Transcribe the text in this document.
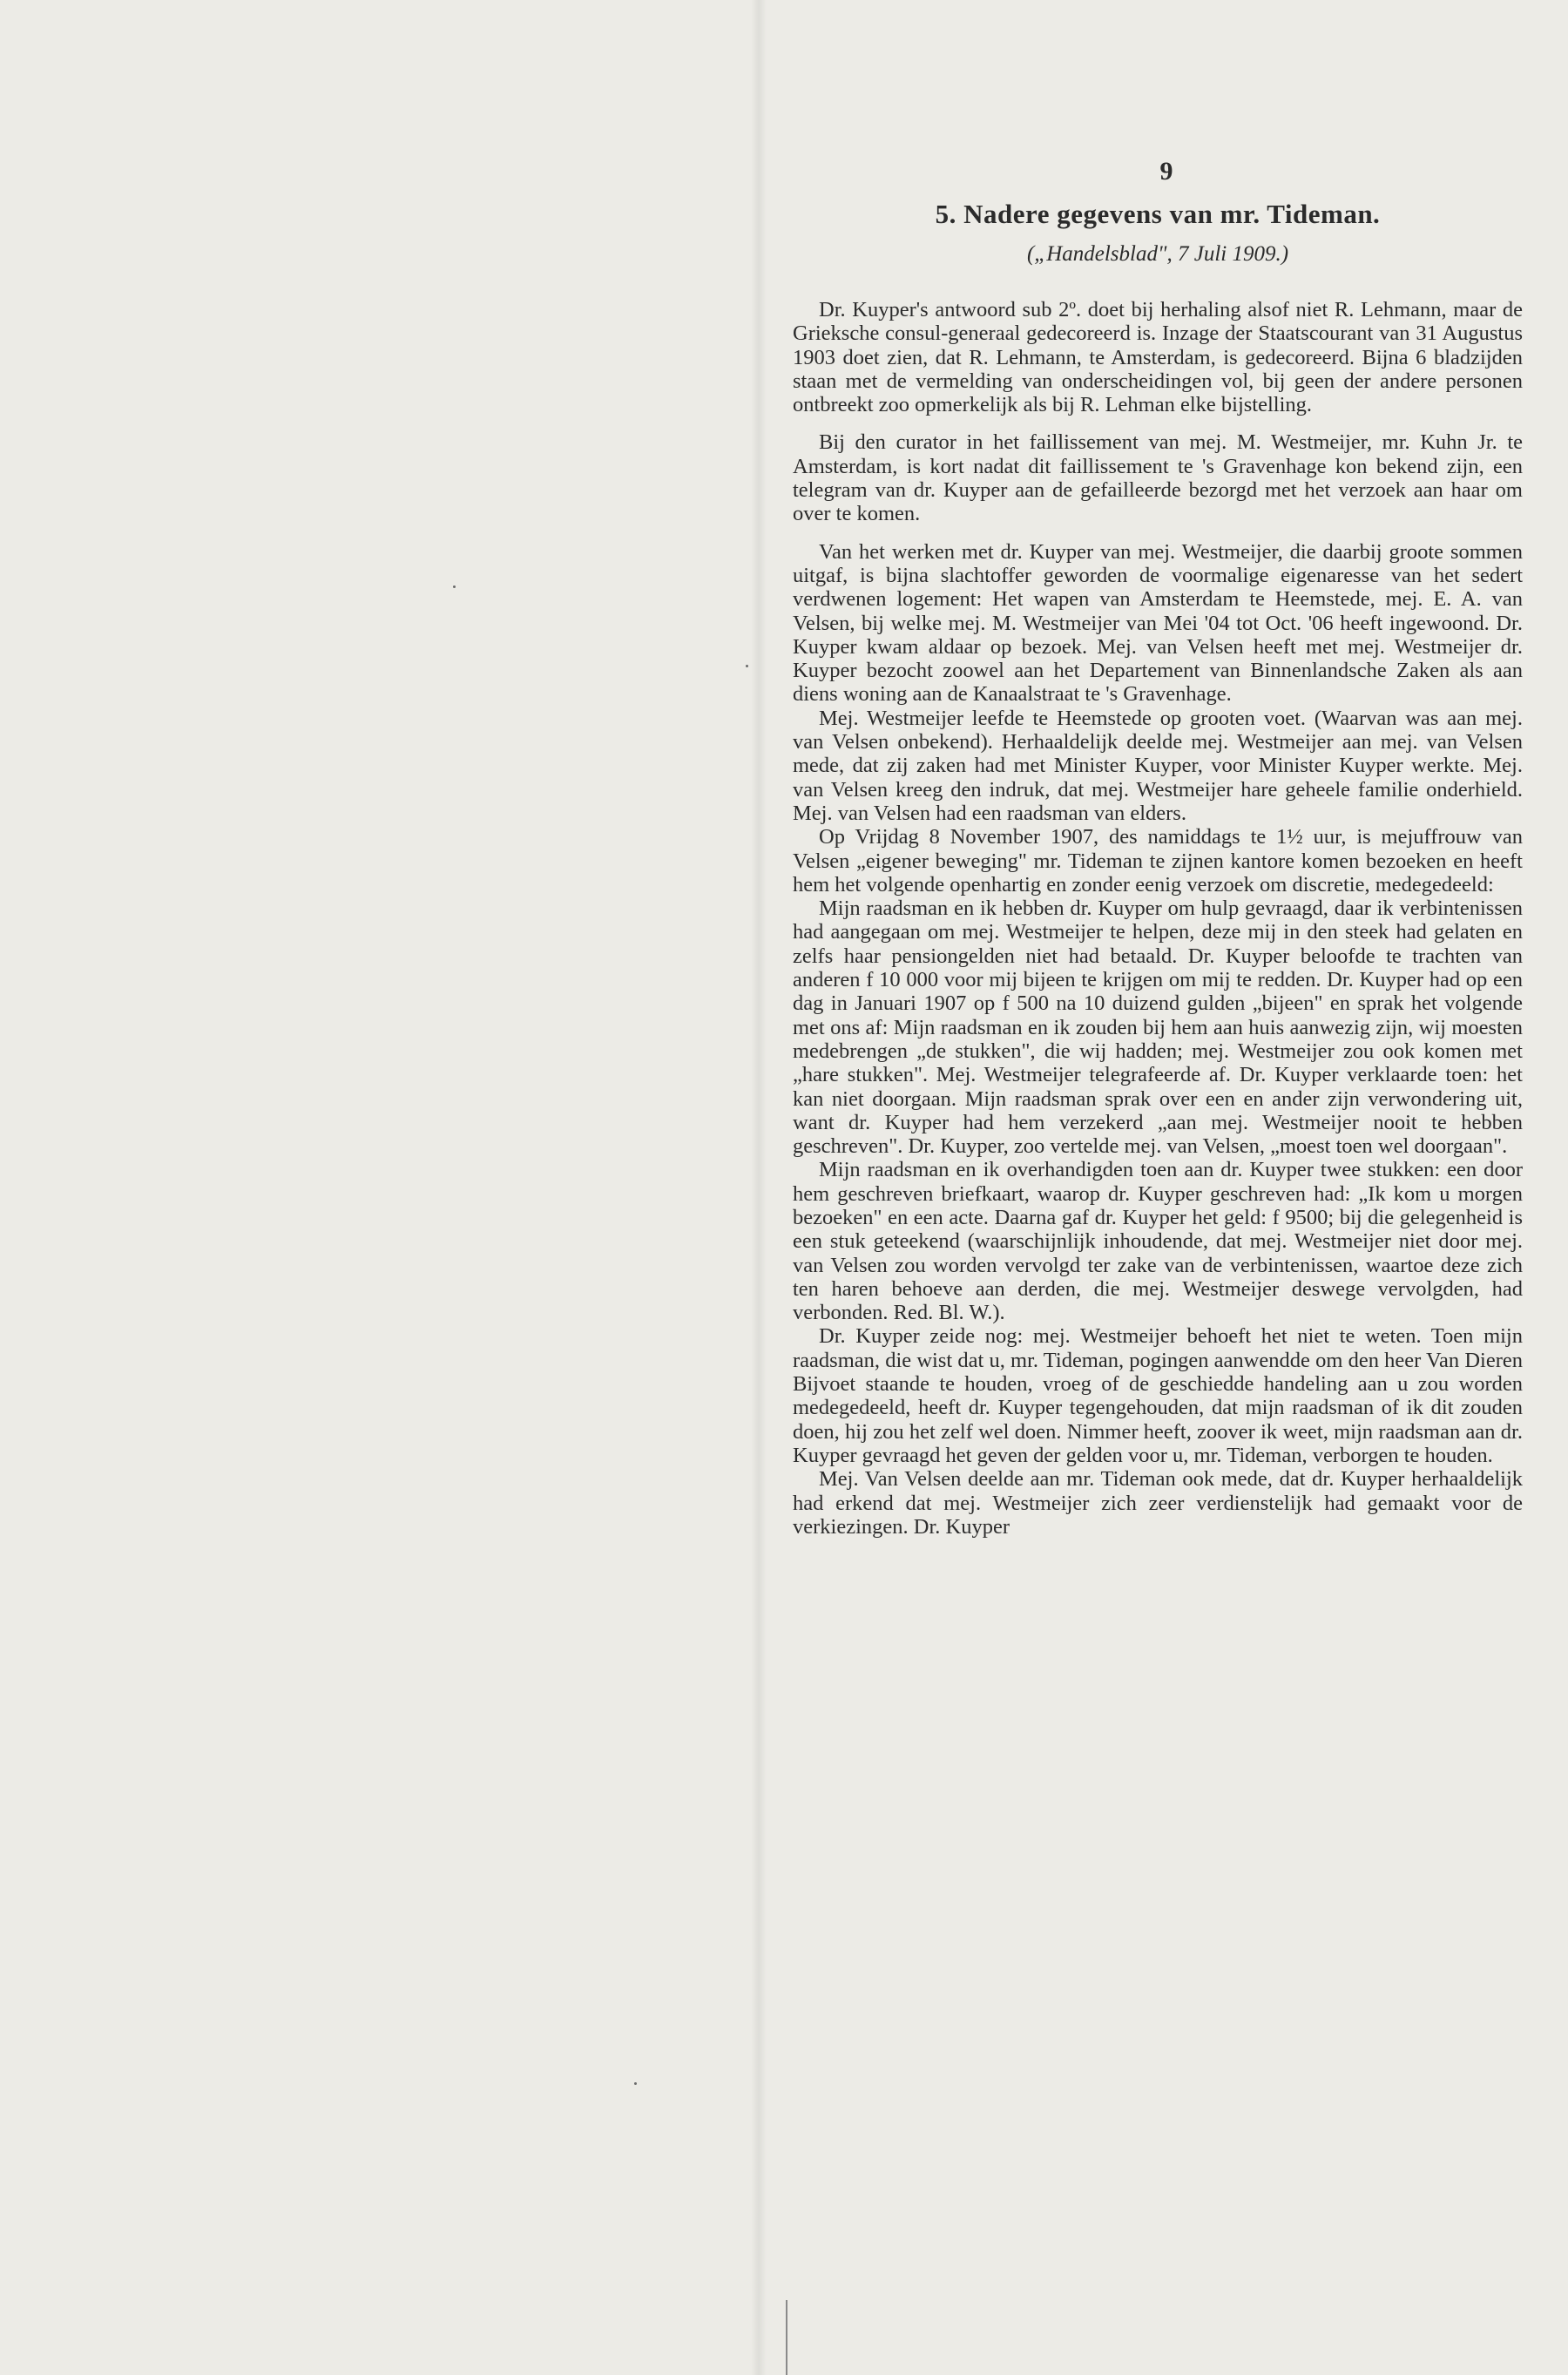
9
5. Nadere gegevens van mr. Tideman.
(„Handelsblad", 7 Juli 1909.)

Dr. Kuyper's antwoord sub 2º. doet bij herhaling alsof niet R. Lehmann, maar de Grieksche consul-generaal gedecoreerd is. Inzage der Staatscourant van 31 Augustus 1903 doet zien, dat R. Lehmann, te Amsterdam, is gedecoreerd. Bijna 6 bladzijden staan met de vermelding van onderscheidingen vol, bij geen der andere personen ontbreekt zoo opmerkelijk als bij R. Lehman elke bijstelling.

Bij den curator in het faillissement van mej. M. Westmeijer, mr. Kuhn Jr. te Amsterdam, is kort nadat dit faillissement te 's Gravenhage kon bekend zijn, een telegram van dr. Kuyper aan de gefailleerde bezorgd met het verzoek aan haar om over te komen.

Van het werken met dr. Kuyper van mej. Westmeijer, die daarbij groote sommen uitgaf, is bijna slachtoffer geworden de voormalige eigenaresse van het sedert verdwenen logement: Het wapen van Amsterdam te Heemstede, mej. E. A. van Velsen, bij welke mej. M. Westmeijer van Mei '04 tot Oct. '06 heeft ingewoond. Dr. Kuyper kwam aldaar op bezoek. Mej. van Velsen heeft met mej. Westmeijer dr. Kuyper bezocht zoowel aan het Departement van Binnenlandsche Zaken als aan diens woning aan de Kanaalstraat te 's Gravenhage.

Mej. Westmeijer leefde te Heemstede op grooten voet. (Waarvan was aan mej. van Velsen onbekend). Herhaaldelijk deelde mej. Westmeijer aan mej. van Velsen mede, dat zij zaken had met Minister Kuyper, voor Minister Kuyper werkte. Mej. van Velsen kreeg den indruk, dat mej. Westmeijer hare geheele familie onderhield. Mej. van Velsen had een raadsman van elders.

Op Vrijdag 8 November 1907, des namiddags te 1½ uur, is mejuffrouw van Velsen „eigener beweging" mr. Tideman te zijnen kantore komen bezoeken en heeft hem het volgende openhartig en zonder eenig verzoek om discretie, medegedeeld:

Mijn raadsman en ik hebben dr. Kuyper om hulp gevraagd, daar ik verbintenissen had aangegaan om mej. Westmeijer te helpen, deze mij in den steek had gelaten en zelfs haar pensiongelden niet had betaald. Dr. Kuyper beloofde te trachten van anderen f 10 000 voor mij bijeen te krijgen om mij te redden. Dr. Kuyper had op een dag in Januari 1907 op f 500 na 10 duizend gulden „bijeen" en sprak het volgende met ons af: Mijn raadsman en ik zouden bij hem aan huis aanwezig zijn, wij moesten medebrengen „de stukken", die wij hadden; mej. Westmeijer zou ook komen met „hare stukken". Mej. Westmeijer telegrafeerde af. Dr. Kuyper verklaarde toen: het kan niet doorgaan. Mijn raadsman sprak over een en ander zijn verwondering uit, want dr. Kuyper had hem verzekerd „aan mej. Westmeijer nooit te hebben geschreven". Dr. Kuyper, zoo vertelde mej. van Velsen, „moest toen wel doorgaan".

Mijn raadsman en ik overhandigden toen aan dr. Kuyper twee stukken: een door hem geschreven briefkaart, waarop dr. Kuyper geschreven had: „Ik kom u morgen bezoeken" en een acte. Daarna gaf dr. Kuyper het geld: f 9500; bij die gelegenheid is een stuk geteekend (waarschijnlijk inhoudende, dat mej. Westmeijer niet door mej. van Velsen zou worden vervolgd ter zake van de verbintenissen, waartoe deze zich ten haren behoeve aan derden, die mej. Westmeijer deswege vervolgden, had verbonden. Red. Bl. W.).

Dr. Kuyper zeide nog: mej. Westmeijer behoeft het niet te weten. Toen mijn raadsman, die wist dat u, mr. Tideman, pogingen aanwendde om den heer Van Dieren Bijvoet staande te houden, vroeg of de geschiedde handeling aan u zou worden medegedeeld, heeft dr. Kuyper tegengehouden, dat mijn raadsman of ik dit zouden doen, hij zou het zelf wel doen. Nimmer heeft, zoover ik weet, mijn raadsman aan dr. Kuyper gevraagd het geven der gelden voor u, mr. Tideman, verborgen te houden.

Mej. Van Velsen deelde aan mr. Tideman ook mede, dat dr. Kuyper herhaaldelijk had erkend dat mej. Westmeijer zich zeer verdienstelijk had gemaakt voor de verkiezingen. Dr. Kuyper
